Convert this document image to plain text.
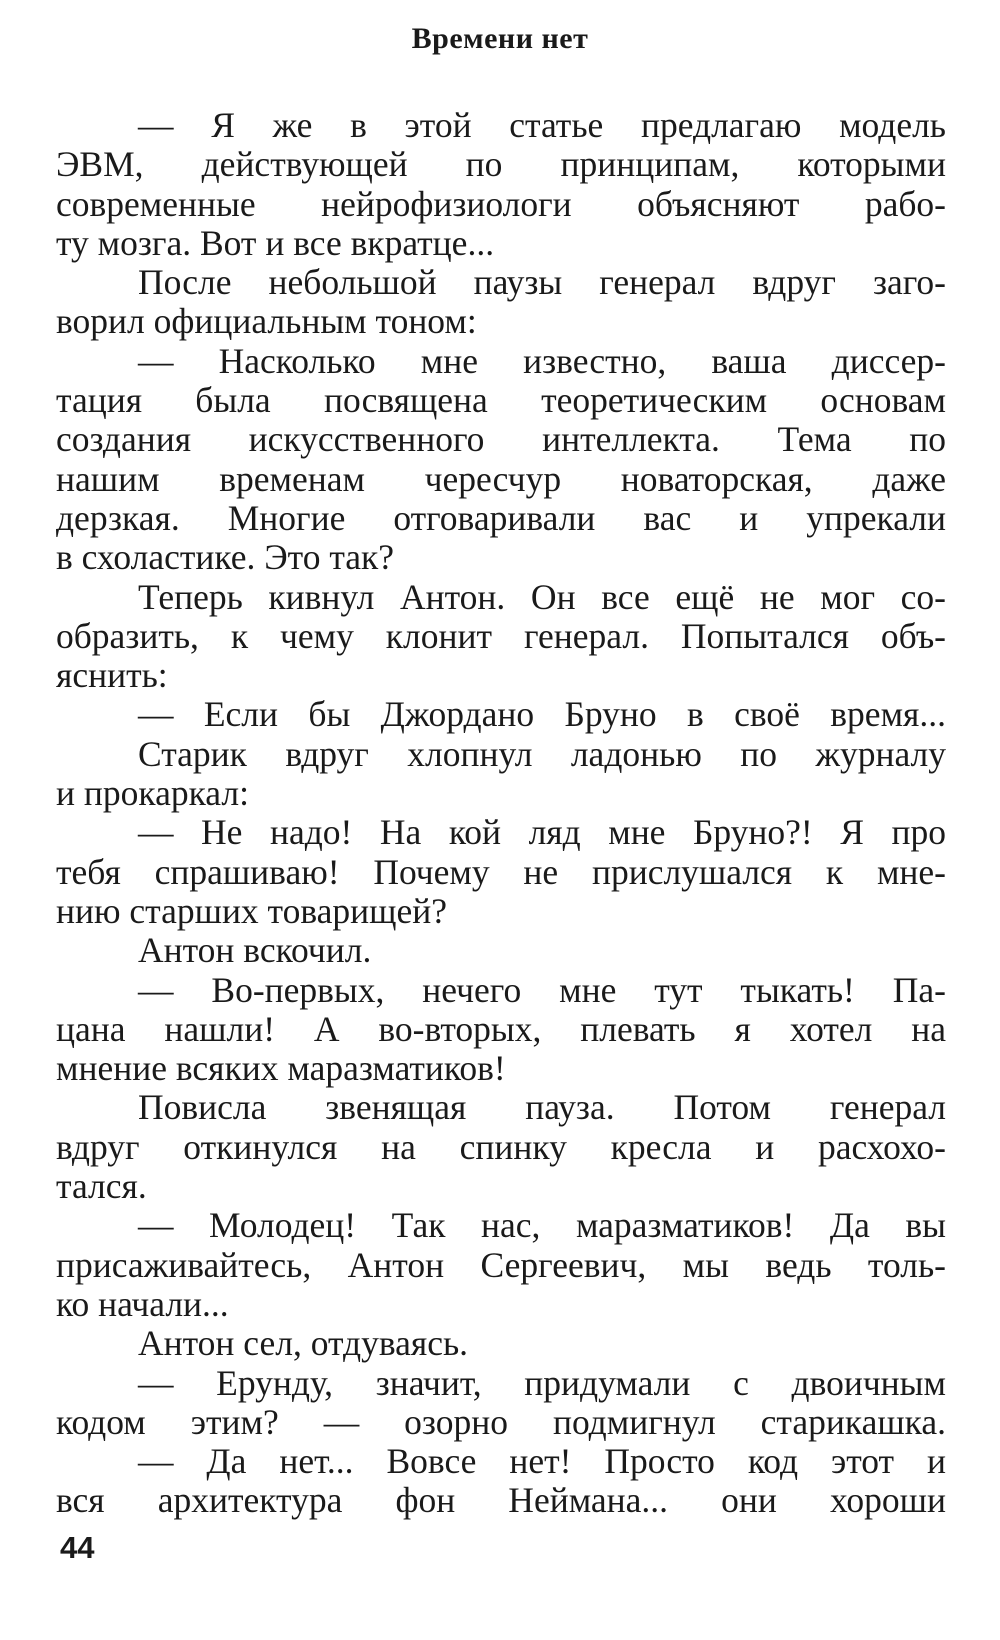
Времени нет
— Я же в этой статье предлагаю модель
ЭВМ, действующей по принципам, которыми
современные нейрофизиологи объясняют рабо-
ту мозга. Вот и все вкратце...
После небольшой паузы генерал вдруг заго-
ворил официальным тоном:
— Насколько мне известно, ваша диссер-
тация была посвящена теоретическим основам
создания искусственного интеллекта. Тема по
нашим временам чересчур новаторская, даже
дерзкая. Многие отговаривали вас и упрекали
в схоластике. Это так?
Теперь кивнул Антон. Он все ещё не мог со-
образить, к чему клонит генерал. Попытался объ-
яснить:
— Если бы Джордано Бруно в своё время...
Старик вдруг хлопнул ладонью по журналу
и прокаркал:
— Не надо! На кой ляд мне Бруно?! Я про
тебя спрашиваю! Почему не прислушался к мне-
нию старших товарищей?
Антон вскочил.
— Во-первых, нечего мне тут тыкать! Па-
цана нашли! А во-вторых, плевать я хотел на
мнение всяких маразматиков!
Повисла звенящая пауза. Потом генерал
вдруг откинулся на спинку кресла и расхохо-
тался.
— Молодец! Так нас, маразматиков! Да вы
присаживайтесь, Антон Сергеевич, мы ведь толь-
ко начали...
Антон сел, отдуваясь.
— Ерунду, значит, придумали с двоичным
кодом этим? — озорно подмигнул старикашка.
— Да нет... Вовсе нет! Просто код этот и
вся архитектура фон Неймана... они хороши
44
